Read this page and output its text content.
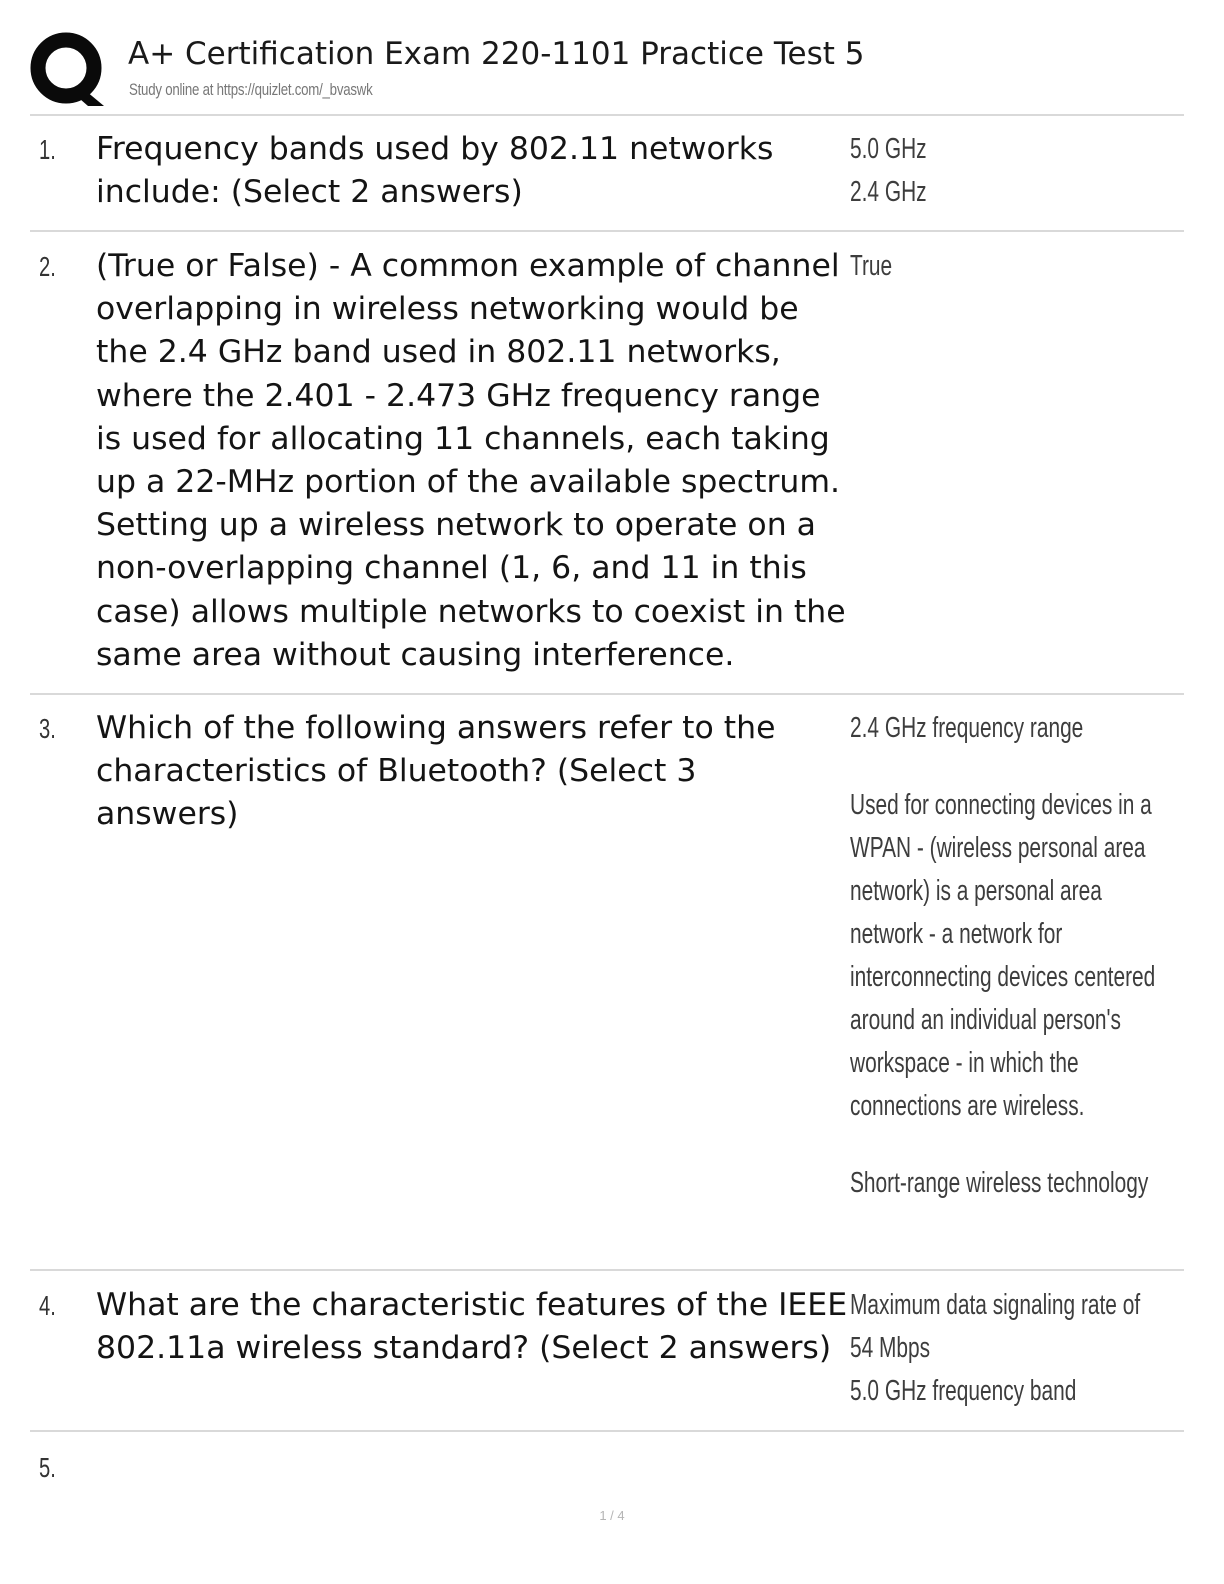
A+ Certification Exam 220-1101 Practice Test 5
Study online at https://quizlet.com/_bvaswk
1. Frequency bands used by 802.11 networks include: (Select 2 answers)

5.0 GHz
2.4 GHz
2. (True or False) - A common example of channel overlapping in wireless networking would be the 2.4 GHz band used in 802.11 networks, where the 2.401 - 2.473 GHz frequency range is used for allocating 11 channels, each taking up a 22-MHz portion of the available spectrum. Setting up a wireless network to operate on a non-overlapping channel (1, 6, and 11 in this case) allows multiple networks to coexist in the same area without causing interference.

True
3. Which of the following answers refer to the characteristics of Bluetooth? (Select 3 answers)

2.4 GHz frequency range
Used for connecting devices in a WPAN - (wireless personal area network) is a personal area network - a network for interconnecting devices centered around an individual person's workspace - in which the connections are wireless.
Short-range wireless technology
4. What are the characteristic features of the IEEE 802.11a wireless standard? (Select 2 answers)

Maximum data signaling rate of 54 Mbps
5.0 GHz frequency band
5.
1 / 4
